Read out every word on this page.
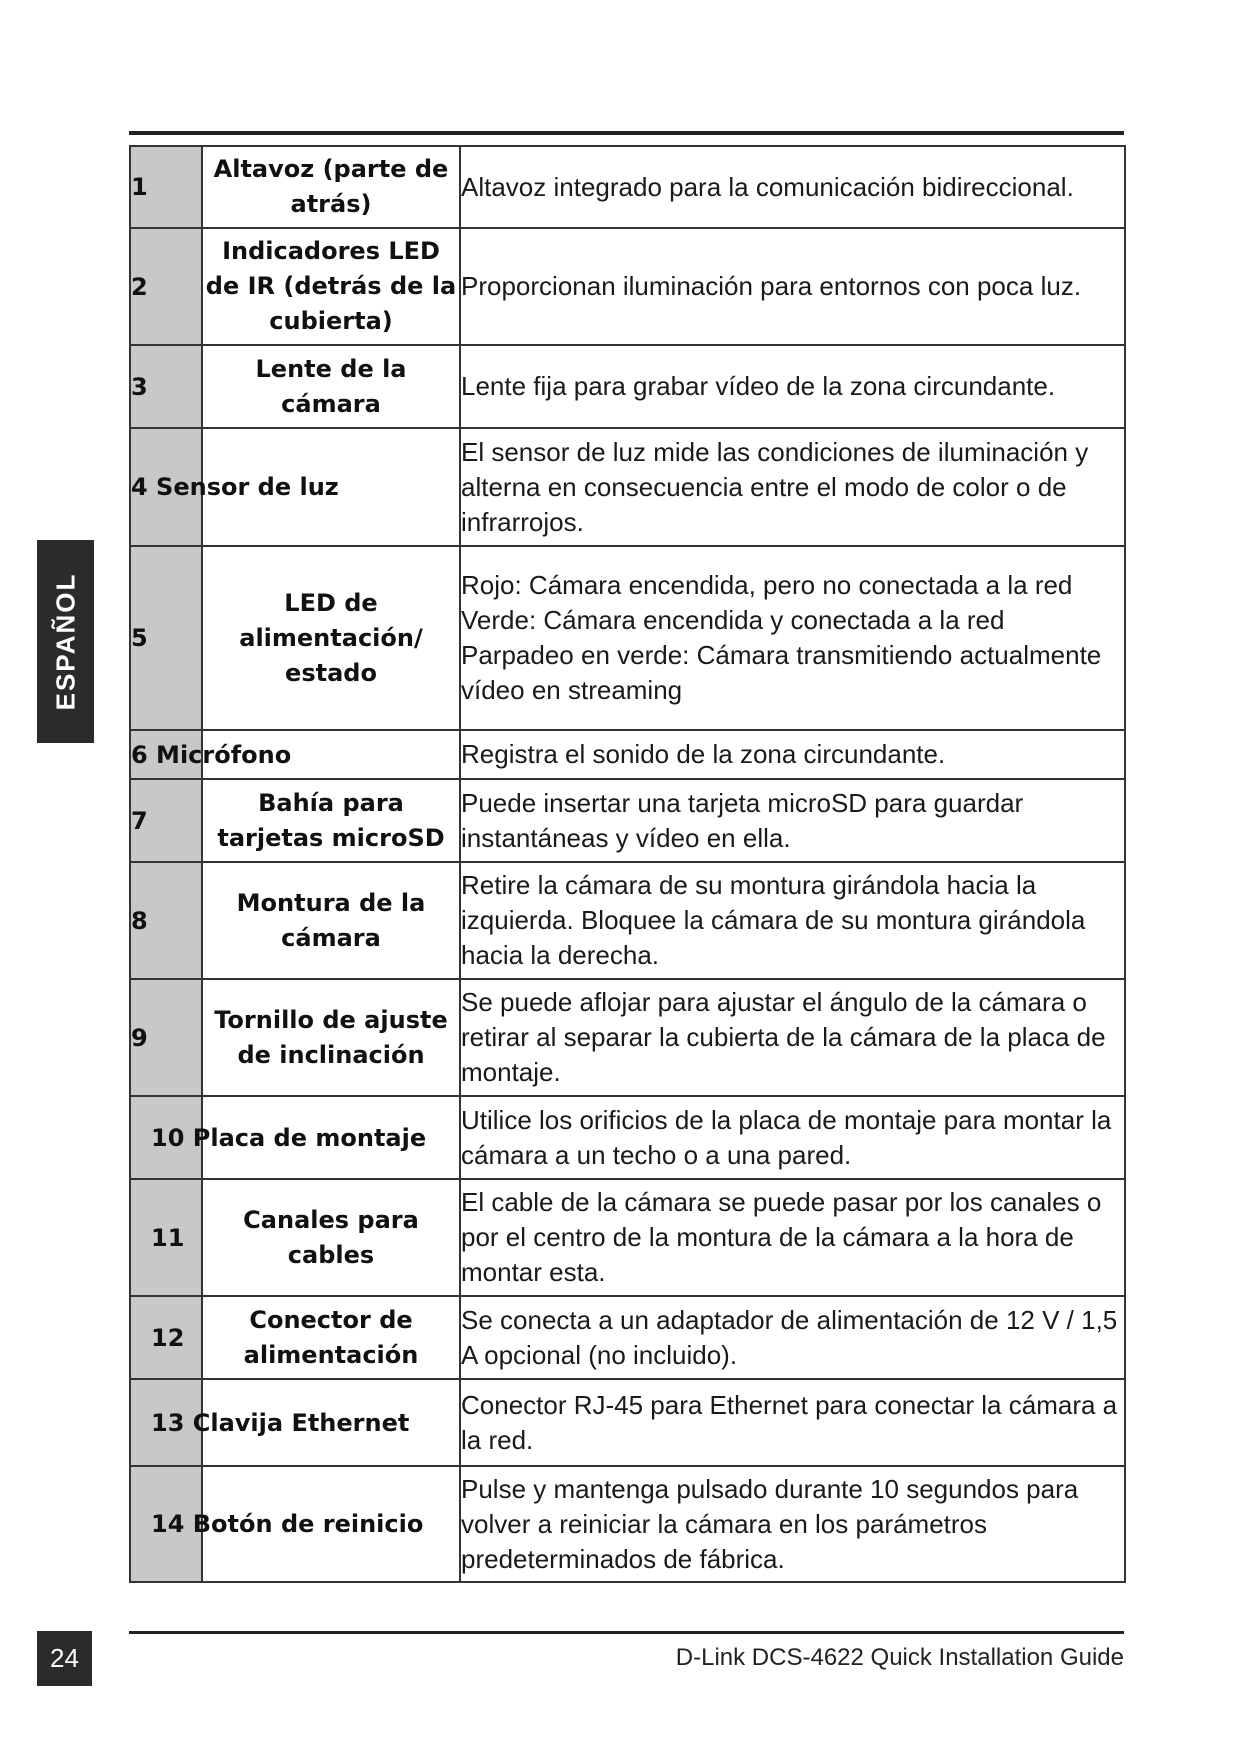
ESPAÑOL
1	Altavoz (parte de atrás)	Altavoz integrado para la comunicación bidireccional.
2	Indicadores LED de IR (detrás de la cubierta)	Proporcionan iluminación para entornos con poca luz.
3	Lente de la cámara	Lente fija para grabar vídeo de la zona circundante.
4 Sensor de luz		El sensor de luz mide las condiciones de iluminación y alterna en consecuencia entre el modo de color o de infrarrojos.
5	LED de alimentación/ estado	Rojo: Cámara encendida, pero no conectada a la red Verde: Cámara encendida y conectada a la red Parpadeo en verde: Cámara transmitiendo actualmente vídeo en streaming
6 Micrófono		Registra el sonido de la zona circundante.
7	Bahía para tarjetas microSD	Puede insertar una tarjeta microSD para guardar instantáneas y vídeo en ella.
8	Montura de la cámara	Retire la cámara de su montura girándola hacia la izquierda. Bloquee la cámara de su montura girándola hacia la derecha.
9	Tornillo de ajuste de inclinación	Se puede aflojar para ajustar el ángulo de la cámara o retirar al separar la cubierta de la cámara de la placa de montaje.
10 Placa de montaje		Utilice los orificios de la placa de montaje para montar la cámara a un techo o a una pared.
11	Canales para cables	El cable de la cámara se puede pasar por los canales o por el centro de la montura de la cámara a la hora de montar esta.
12	Conector de alimentación	Se conecta a un adaptador de alimentación de 12 V / 1,5 A opcional (no incluido).
13 Clavija Ethernet		Conector RJ-45 para Ethernet para conectar la cámara a la red.
14 Botón de reinicio		Pulse y mantenga pulsado durante 10 segundos para volver a reiniciar la cámara en los parámetros predeterminados de fábrica.
24	D-Link DCS-4622 Quick Installation Guide
